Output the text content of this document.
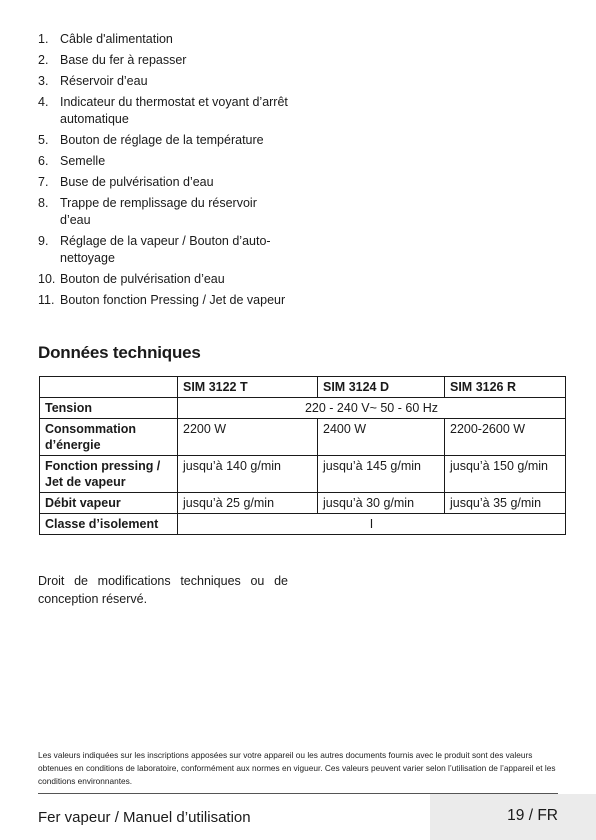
1. Câble d'alimentation
2. Base du fer à repasser
3. Réservoir d’eau
4. Indicateur du thermostat et voyant d’arrêt automatique
5. Bouton de réglage de la température
6. Semelle
7. Buse de pulvérisation d’eau
8. Trappe de remplissage du réservoir d’eau
9. Réglage de la vapeur / Bouton d’auto-nettoyage
10. Bouton de pulvérisation d’eau
11. Bouton fonction Pressing / Jet de vapeur
Données techniques
	SIM 3122 T	SIM 3124 D	SIM 3126 R
Tension	220 - 240 V~ 50 - 60 Hz		
Consommation d’énergie	2200 W	2400 W	2200-2600 W
Fonction pressing / Jet de vapeur	jusqu’à 140 g/min	jusqu’à 145 g/min	jusqu’à 150 g/min
Débit vapeur	jusqu’à 25 g/min	jusqu’à 30 g/min	jusqu’à 35 g/min
Classe d’isolement	I		

Droit de modifications techniques ou de conception réservé.

Les valeurs indiquées sur les inscriptions apposées sur votre appareil ou les autres documents fournis avec le produit sont des valeurs obtenues en conditions de laboratoire, conformément aux normes en vigueur. Ces valeurs peuvent varier selon l’utilisation de l’appareil et les conditions environnantes.

Fer vapeur / Manuel d’utilisation	19 / FR
